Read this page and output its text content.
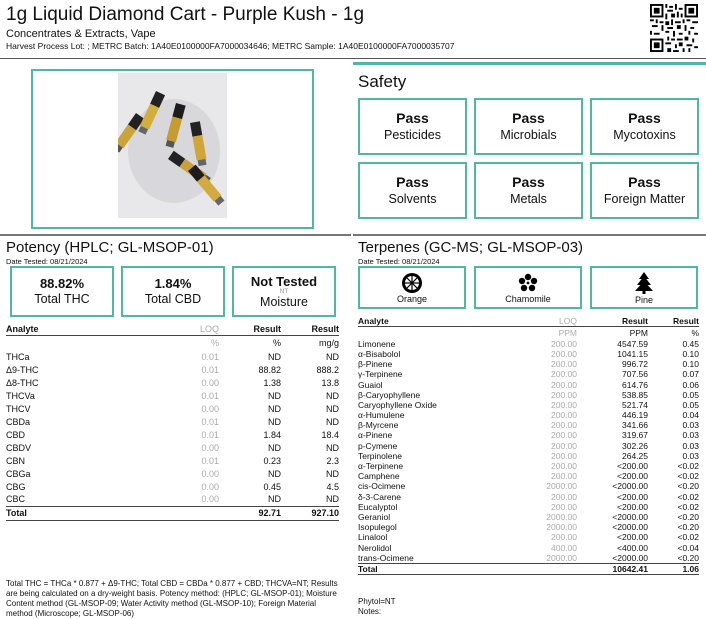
1g Liquid Diamond Cart - Purple Kush - 1g
Concentrates & Extracts, Vape
Harvest Process Lot: ; METRC Batch: 1A40E0100000FA7000034646; METRC Sample: 1A40E0100000FA7000035707
Safety
Pass
Pesticides
Pass
Microbials
Pass
Mycotoxins
Pass
Solvents
Pass
Metals
Pass
Foreign Matter
Potency (HPLC; GL-MSOP-01)
Date Tested: 08/21/2024
88.82%
Total THC
1.84%
Total CBD
Not Tested
NT
Moisture
Analyte	LOQ	Result	Result
	%	%	mg/g
THCa	0.01	ND	ND
Δ9-THC	0.01	88.82	888.2
Δ8-THC	0.00	1.38	13.8
THCVa	0.01	ND	ND
THCV	0.00	ND	ND
CBDa	0.01	ND	ND
CBD	0.01	1.84	18.4
CBDV	0.00	ND	ND
CBN	0.01	0.23	2.3
CBGa	0.00	ND	ND
CBG	0.00	0.45	4.5
CBC	0.00	ND	ND
Total		92.71	927.10
Total THC = THCa * 0.877 + Δ9-THC; Total CBD = CBDa * 0.877 + CBD; THCVA=NT; Results are being calculated on a dry-weight basis. Potency method: (HPLC; GL-MSOP-01); Moisture Content method (GL-MSOP-09; Water Activity method (GL-MSOP-10); Foreign Material method (Microscope; GL-MSOP-06)
Terpenes (GC-MS; GL-MSOP-03)
Date Tested: 08/21/2024
Orange	Chamomile	Pine
Analyte	LOQ	Result	Result
	PPM	PPM	%
Limonene	200.00	4547.59	0.45
α-Bisabolol	200.00	1041.15	0.10
β-Pinene	200.00	996.72	0.10
γ-Terpinene	200.00	707.56	0.07
Guaiol	200.00	614.76	0.06
β-Caryophyllene	200.00	538.85	0.05
Caryophyllene Oxide	200.00	521.74	0.05
α-Humulene	200.00	446.19	0.04
β-Myrcene	200.00	341.66	0.03
α-Pinene	200.00	319.67	0.03
p-Cymene	200.00	302.26	0.03
Terpinolene	200.00	264.25	0.03
α-Terpinene	200.00	<200.00	<0.02
Camphene	200.00	<200.00	<0.02
cis-Ocimene	2000.00	<2000.00	<0.20
δ-3-Carene	200.00	<200.00	<0.02
Eucalyptol	200.00	<200.00	<0.02
Geraniol	2000.00	<2000.00	<0.20
Isopulegol	2000.00	<2000.00	<0.20
Linalool	200.00	<200.00	<0.02
Nerolidol	400.00	<400.00	<0.04
trans-Ocimene	2000.00	<2000.00	<0.20
Total		10642.41	1.06
Phytol=NT
Notes:
